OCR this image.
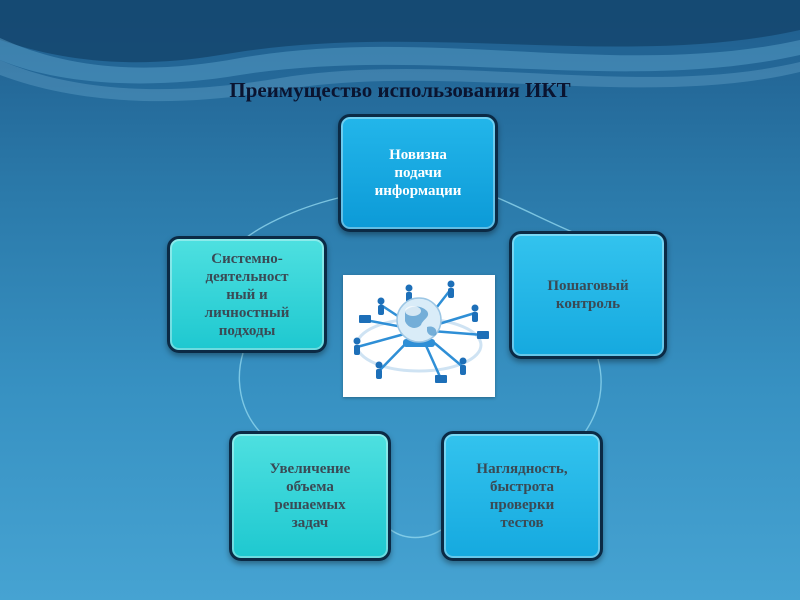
Преимущество использования ИКТ
Новизна
подачи
информации
Пошаговый
контроль
Наглядность,
быстрота
проверки
тестов
Увеличение
объема
решаемых
задач
Системно-
деятельност
ный и
личностный
подходы
